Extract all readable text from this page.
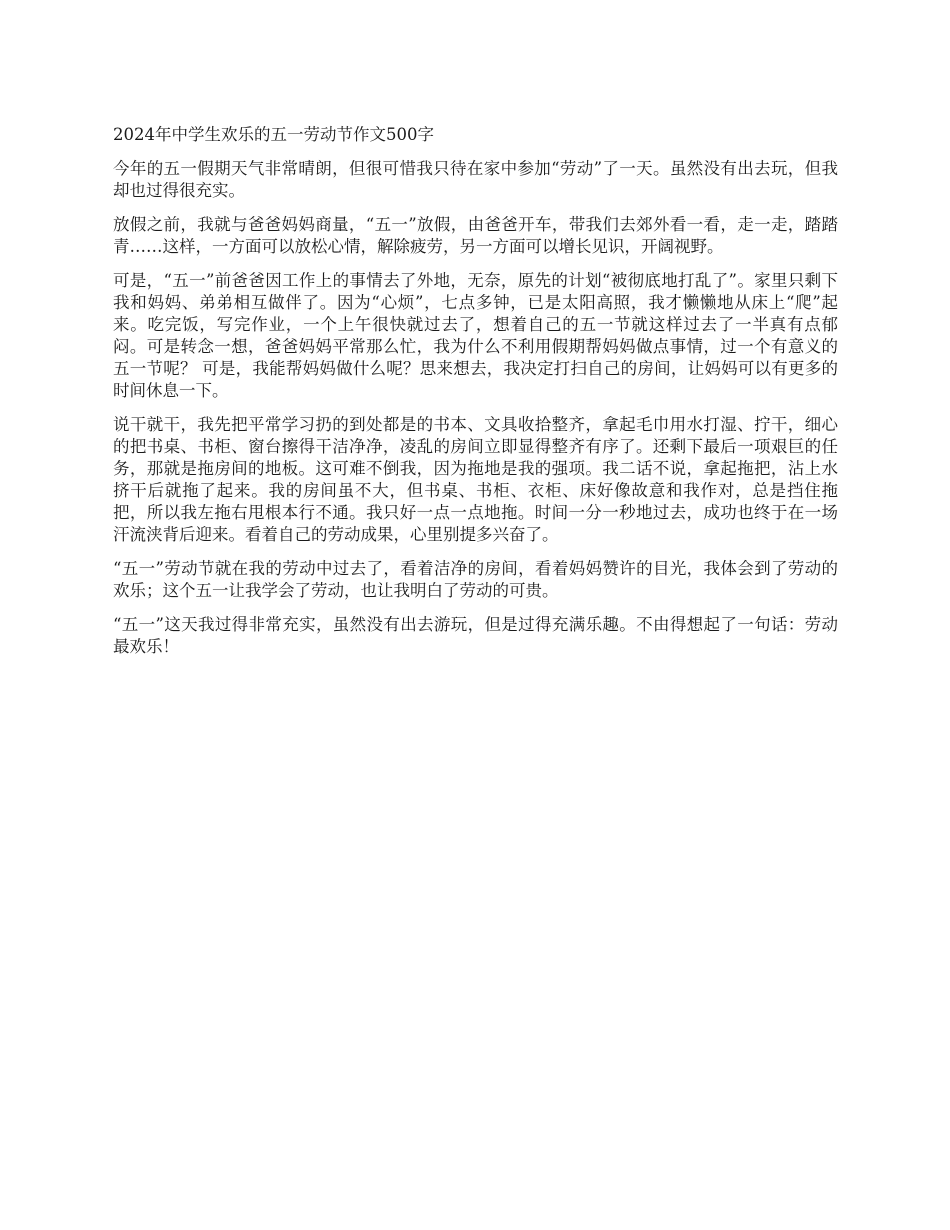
2024年中学生欢乐的五一劳动节作文500字

今年的五一假期天气非常晴朗，但很可惜我只待在家中参加“劳动”了一天。虽然没有出去玩，但我却也过得很充实。

放假之前，我就与爸爸妈妈商量，“五一”放假，由爸爸开车，带我们去郊外看一看，走一走，踏踏青……这样，一方面可以放松心情，解除疲劳，另一方面可以增长见识，开阔视野。

可是，“五一”前爸爸因工作上的事情去了外地，无奈，原先的计划“被彻底地打乱了”。家里只剩下我和妈妈、弟弟相互做伴了。因为“心烦”，七点多钟，已是太阳高照，我才懒懒地从床上“爬”起来。吃完饭，写完作业，一个上午很快就过去了，想着自己的五一节就这样过去了一半真有点郁闷。可是转念一想，爸爸妈妈平常那么忙，我为什么不利用假期帮妈妈做点事情，过一个有意义的五一节呢？ 可是，我能帮妈妈做什么呢？思来想去，我决定打扫自己的房间，让妈妈可以有更多的时间休息一下。

说干就干，我先把平常学习扔的到处都是的书本、文具收拾整齐，拿起毛巾用水打湿、拧干，细心的把书桌、书柜、窗台擦得干洁净净，凌乱的房间立即显得整齐有序了。还剩下最后一项艰巨的任务，那就是拖房间的地板。这可难不倒我，因为拖地是我的强项。我二话不说，拿起拖把，沾上水挤干后就拖了起来。我的房间虽不大，但书桌、书柜、衣柜、床好像故意和我作对，总是挡住拖把，所以我左拖右甩根本行不通。我只好一点一点地拖。时间一分一秒地过去，成功也终于在一场汗流浃背后迎来。看着自己的劳动成果，心里别提多兴奋了。

“五一”劳动节就在我的劳动中过去了，看着洁净的房间，看着妈妈赞许的目光，我体会到了劳动的欢乐；这个五一让我学会了劳动，也让我明白了劳动的可贵。

“五一”这天我过得非常充实，虽然没有出去游玩，但是过得充满乐趣。不由得想起了一句话：劳动最欢乐！
